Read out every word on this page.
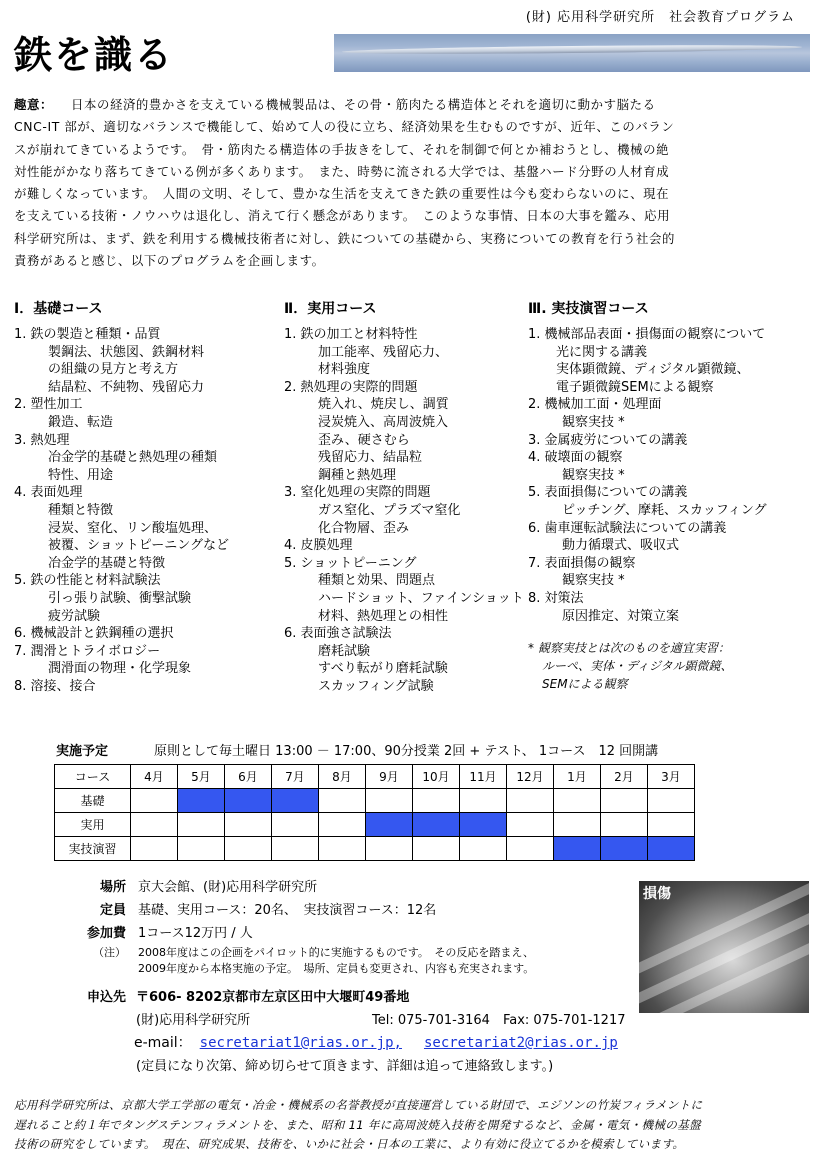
(財) 応用科学研究所　社会教育プログラム
鉄を識る
趣意： 日本の経済的豊かさを支えている機械製品は、その骨・筋肉たる構造体とそれを適切に動かす脳たる
CNC-IT 部が、適切なバランスで機能して、始めて人の役に立ち、経済効果を生むものですが、近年、このバラン
スが崩れてきているようです。　骨・筋肉たる構造体の手抜きをして、それを制御で何とか補おうとし、機械の絶
対性能がかなり落ちてきている例が多くあります。　また、時勢に流される大学では、基盤ハード分野の人材育成
が難しくなっています。　人間の文明、そして、豊かな生活を支えてきた鉄の重要性は今も変わらないのに、現在
を支えている技術・ノウハウは退化し、消えて行く懸念があります。　このような事情、日本の大事を鑑み、応用
科学研究所は、まず、鉄を利用する機械技術者に対し、鉄についての基礎から、実務についての教育を行う社会的
責務があると感じ、以下のプログラムを企画します。
Ⅰ．基礎コース
1. 鉄の製造と種類・品質
製鋼法、状態図、鉄鋼材料
の組織の見方と考え方
結晶粒、不純物、残留応力
2. 塑性加工
鍛造、転造
3. 熱処理
冶金学的基礎と熱処理の種類
特性、用途
4. 表面処理
種類と特徴
浸炭、窒化、リン酸塩処理、
被覆、ショットピーニングなど
冶金学的基礎と特徴
5. 鉄の性能と材料試験法
引っ張り試験、衝撃試験
疲労試験
6. 機械設計と鉄鋼種の選択
7. 潤滑とトライボロジー
潤滑面の物理・化学現象
8. 溶接、接合
Ⅱ．実用コース
1. 鉄の加工と材料特性
加工能率、残留応力、
材料強度
2. 熱処理の実際的問題
焼入れ、焼戻し、調質
浸炭焼入、高周波焼入
歪み、硬さむら
残留応力、結晶粒
鋼種と熱処理
3. 窒化処理の実際的問題
ガス窒化、プラズマ窒化
化合物層、歪み
4. 皮膜処理
5. ショットピーニング
種類と効果、問題点
ハードショット、ファインショット
材料、熱処理との相性
6. 表面強さ試験法
磨耗試験
すべり転がり磨耗試験
スカッフィング試験
Ⅲ. 実技演習コース
1. 機械部品表面・損傷面の観察について
光に関する講義
実体顕微鏡、ディジタル顕微鏡、
電子顕微鏡SEMによる観察
2. 機械加工面・処理面
観察実技 *
3. 金属疲労についての講義
4. 破壊面の観察
観察実技 *
5. 表面損傷についての講義
ピッチング、摩耗、スカッフィング
6. 歯車運転試験法についての講義
動力循環式、吸収式
7. 表面損傷の観察
観察実技 *
8. 対策法
原因推定、対策立案
* 観察実技とは次のものを適宜実習：
ルーペ、実体・ディジタル顕微鏡、
SEMによる観察
実施予定	原則として毎土曜日 13:00 － 17:00、90分授業 2回 + テスト、 1コース　12 回開講
コース	4月	5月	6月	7月	8月	9月	10月	11月	12月	1月	2月	3月
基礎												
実用												
実技演習												
場所 京大会館、(財)応用科学研究所
定員 基礎、実用コース：20名、　実技演習コース：12名
参加費 1コース12万円 / 人
（注） 2008年度はこの企画をパイロット的に実施するものです。　その反応を踏まえ、
2009年度から本格実施の予定。　場所、定員も変更され、内容も充実されます。
申込先 〒606- 8202京都市左京区田中大堰町49番地
(財)応用科学研究所	Tel: 075-701-3164　Fax: 075-701-1217
e-mail： secretariat1@rias.or.jp, secretariat2@rias.or.jp
(定員になり次第、締め切らせて頂きます、詳細は追って連絡致します。)
損傷
応用科学研究所は、京都大学工学部の電気・冶金・機械系の名誉教授が直接運営している財団で、エジソンの竹炭フィラメントに
遅れること約１年でタングステンフィラメントを、また、昭和 11 年に高周波焼入技術を開発するなど、金属・電気・機械の基盤
技術の研究をしています。　現在、研究成果、技術を、いかに社会・日本の工業に、より有効に役立てるかを模索しています。
